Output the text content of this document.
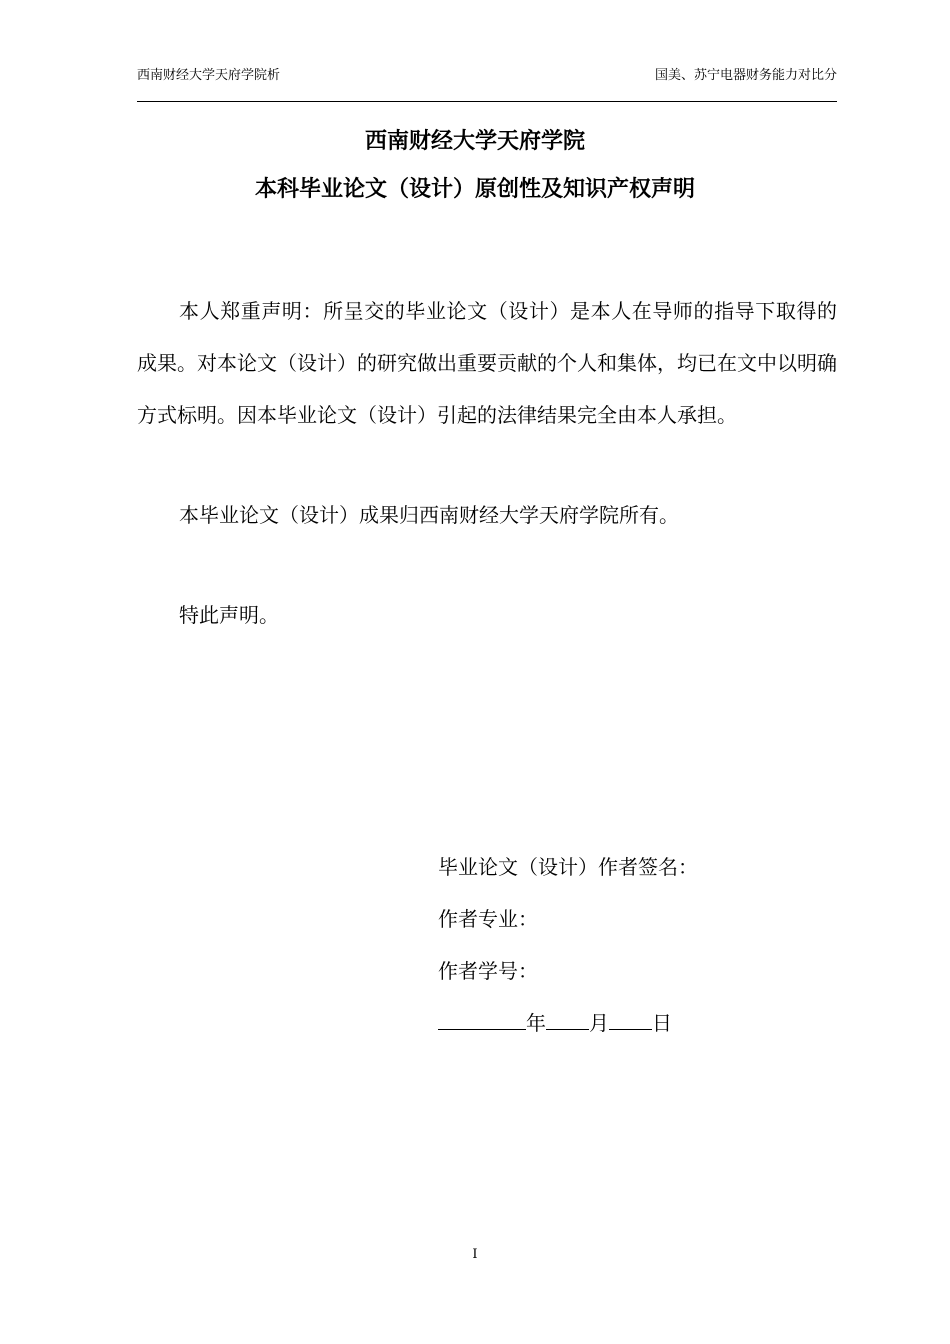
西南财经大学天府学院析	国美、苏宁电器财务能力对比分
西南财经大学天府学院
本科毕业论文（设计）原创性及知识产权声明
本人郑重声明：所呈交的毕业论文（设计）是本人在导师的指导下取得的成果。对本论文（设计）的研究做出重要贡献的个人和集体，均已在文中以明确方式标明。因本毕业论文（设计）引起的法律结果完全由本人承担。
本毕业论文（设计）成果归西南财经大学天府学院所有。
特此声明。
毕业论文（设计）作者签名：
作者专业：
作者学号：
年 月 日
I
